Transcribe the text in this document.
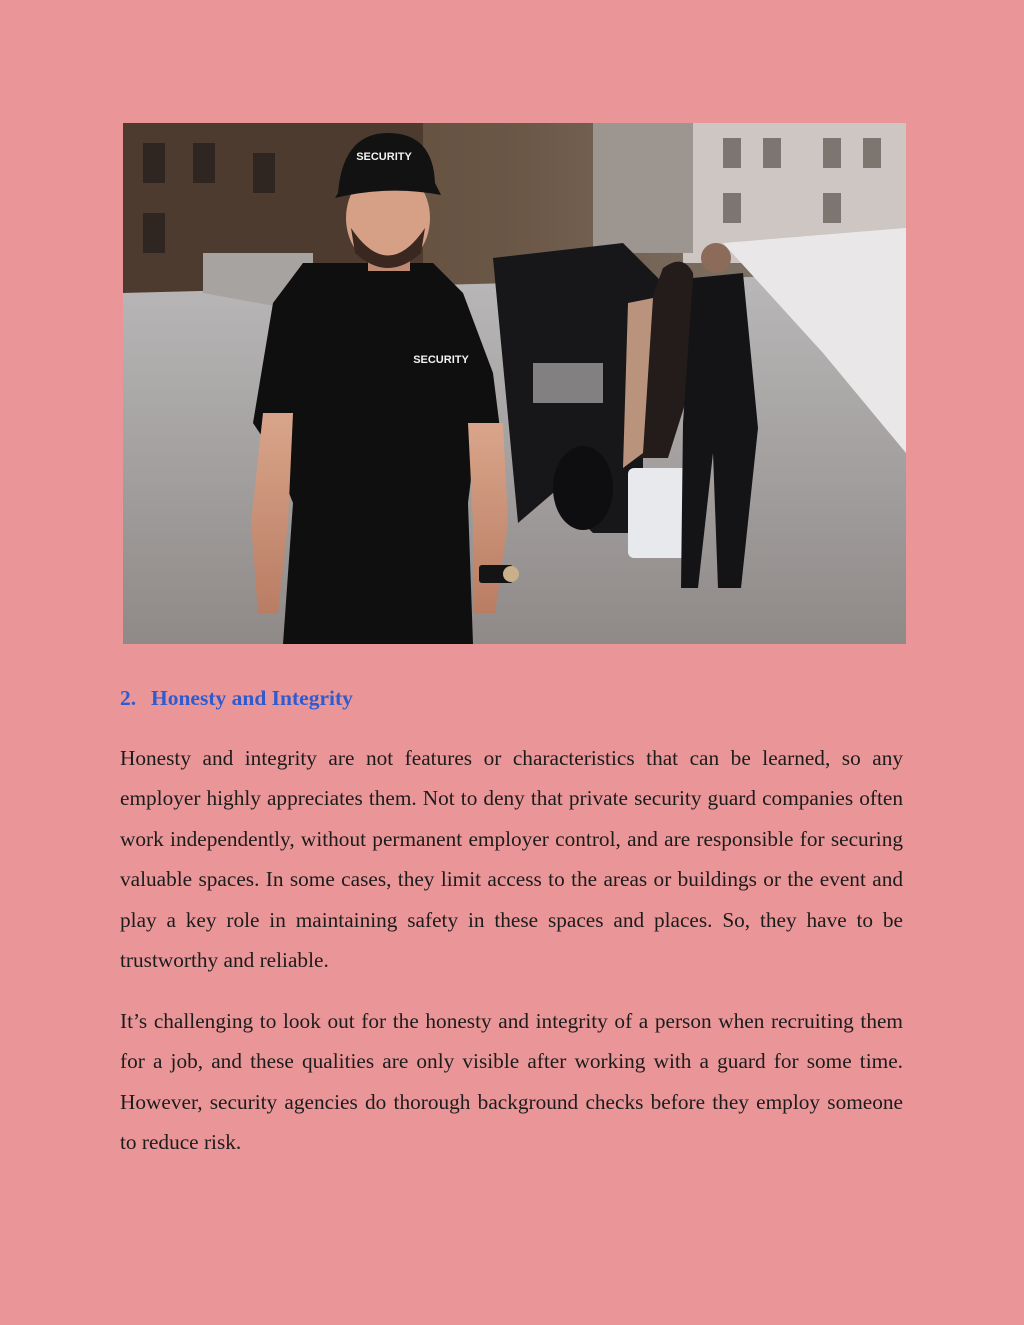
SECURITY
SECURITY
2. Honesty and Integrity

Honesty and integrity are not features or characteristics that can be learned, so any employer highly appreciates them. Not to deny that private security guard companies often work independently, without permanent employer control, and are responsible for securing valuable spaces. In some cases, they limit access to the areas or buildings or the event and play a key role in maintaining safety in these spaces and places. So, they have to be trustworthy and reliable.

It’s challenging to look out for the honesty and integrity of a person when recruiting them for a job, and these qualities are only visible after working with a guard for some time. However, security agencies do thorough background checks before they employ someone to reduce risk.
